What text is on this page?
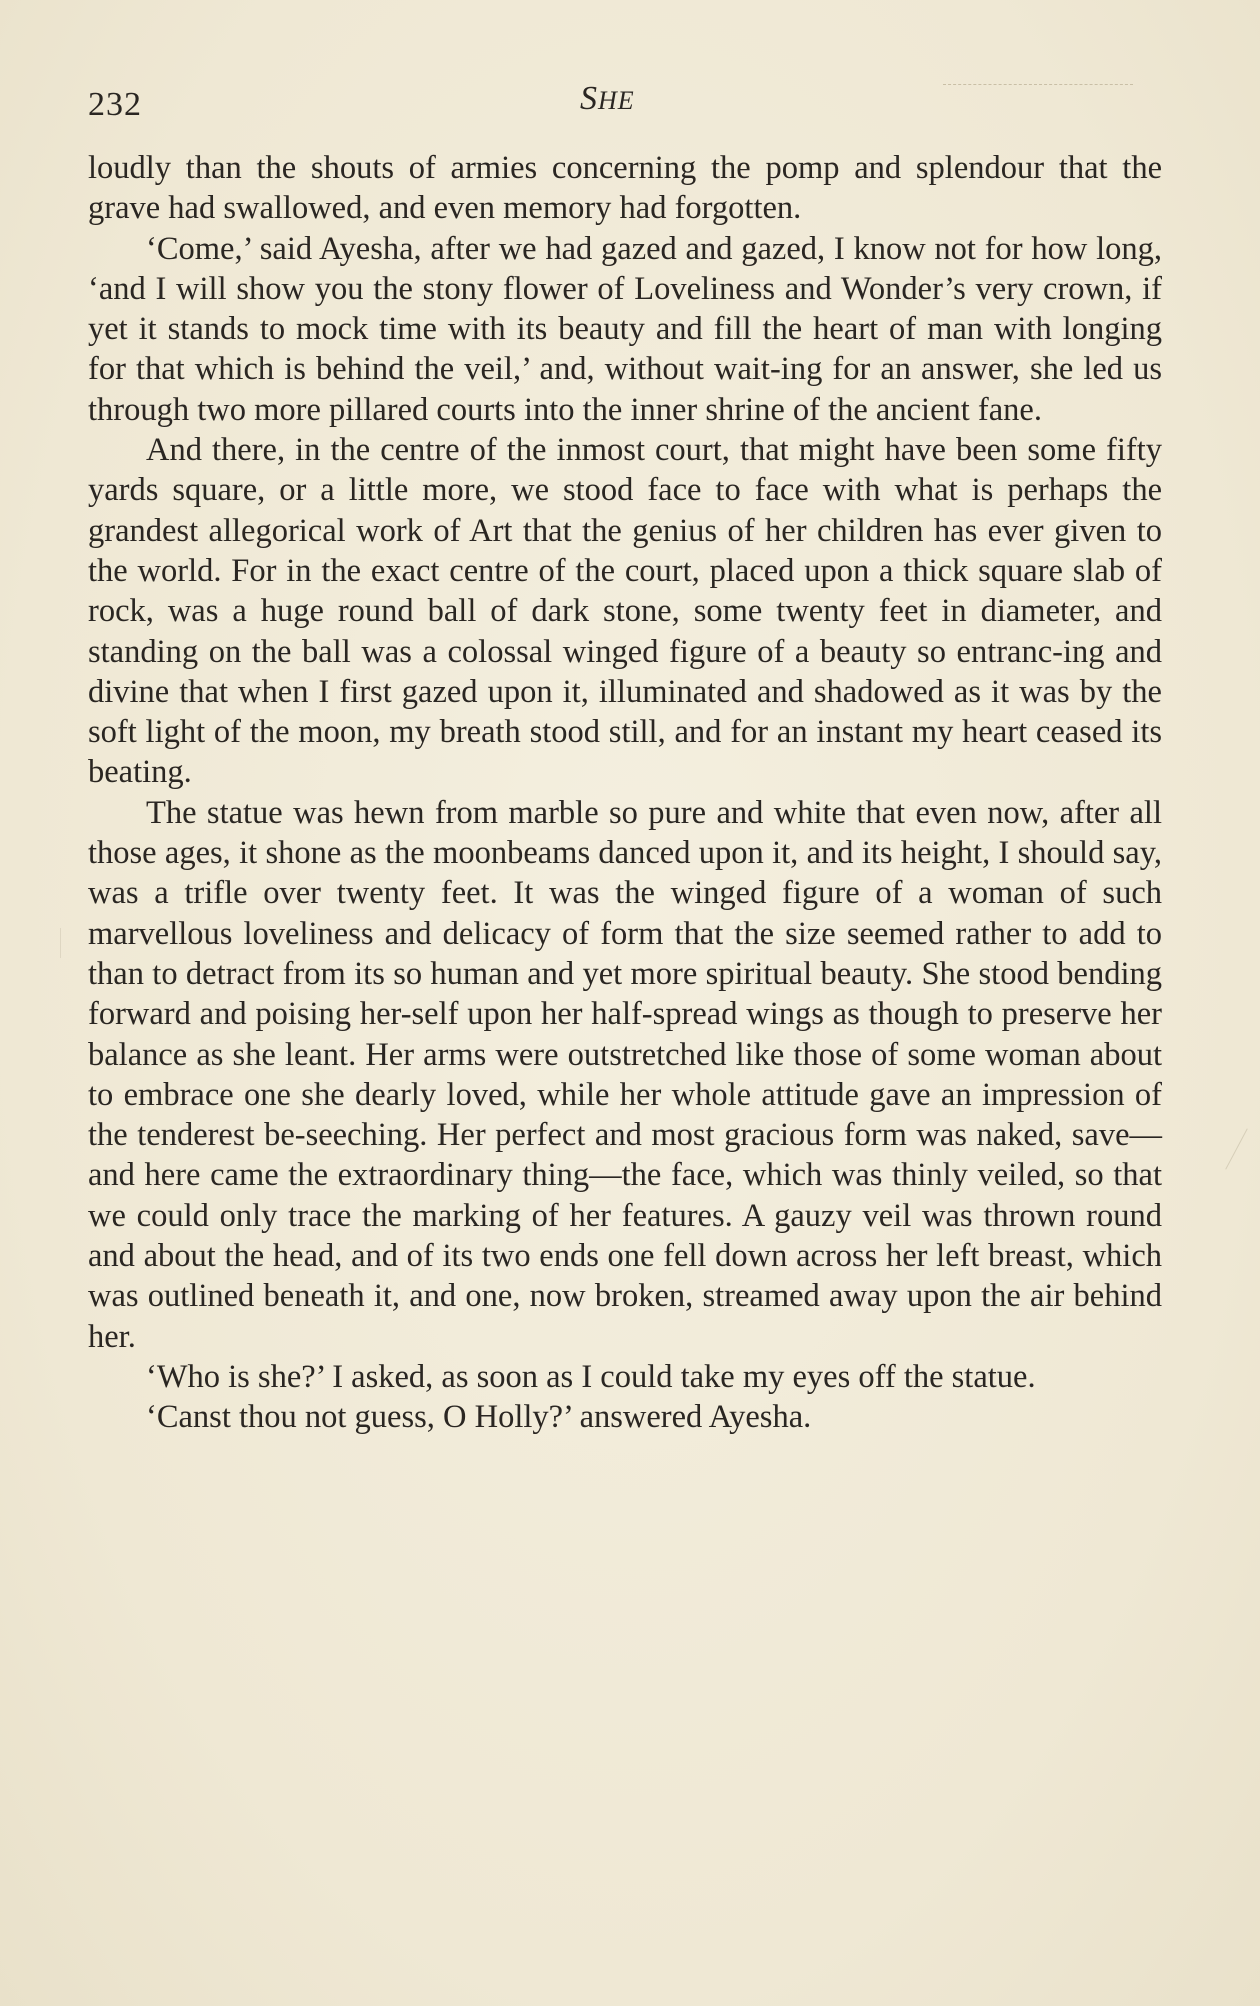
232	SHE

loudly than the shouts of armies concerning the pomp and splendour that the grave had swallowed, and even memory had forgotten.

‘Come,’ said Ayesha, after we had gazed and gazed, I know not for how long, ‘and I will show you the stony flower of Loveliness and Wonder’s very crown, if yet it stands to mock time with its beauty and fill the heart of man with longing for that which is behind the veil,’ and, without wait-ing for an answer, she led us through two more pillared courts into the inner shrine of the ancient fane.

And there, in the centre of the inmost court, that might have been some fifty yards square, or a little more, we stood face to face with what is perhaps the grandest allegorical work of Art that the genius of her children has ever given to the world. For in the exact centre of the court, placed upon a thick square slab of rock, was a huge round ball of dark stone, some twenty feet in diameter, and standing on the ball was a colossal winged figure of a beauty so entranc-ing and divine that when I first gazed upon it, illuminated and shadowed as it was by the soft light of the moon, my breath stood still, and for an instant my heart ceased its beating.

The statue was hewn from marble so pure and white that even now, after all those ages, it shone as the moonbeams danced upon it, and its height, I should say, was a trifle over twenty feet. It was the winged figure of a woman of such marvellous loveliness and delicacy of form that the size seemed rather to add to than to detract from its so human and yet more spiritual beauty. She stood bending forward and poising her-self upon her half-spread wings as though to preserve her balance as she leant. Her arms were outstretched like those of some woman about to embrace one she dearly loved, while her whole attitude gave an impression of the tenderest be-seeching. Her perfect and most gracious form was naked, save—and here came the extraordinary thing—the face, which was thinly veiled, so that we could only trace the marking of her features. A gauzy veil was thrown round and about the head, and of its two ends one fell down across her left breast, which was outlined beneath it, and one, now broken, streamed away upon the air behind her.

‘Who is she?’ I asked, as soon as I could take my eyes off the statue.

‘Canst thou not guess, O Holly?’ answered Ayesha.
